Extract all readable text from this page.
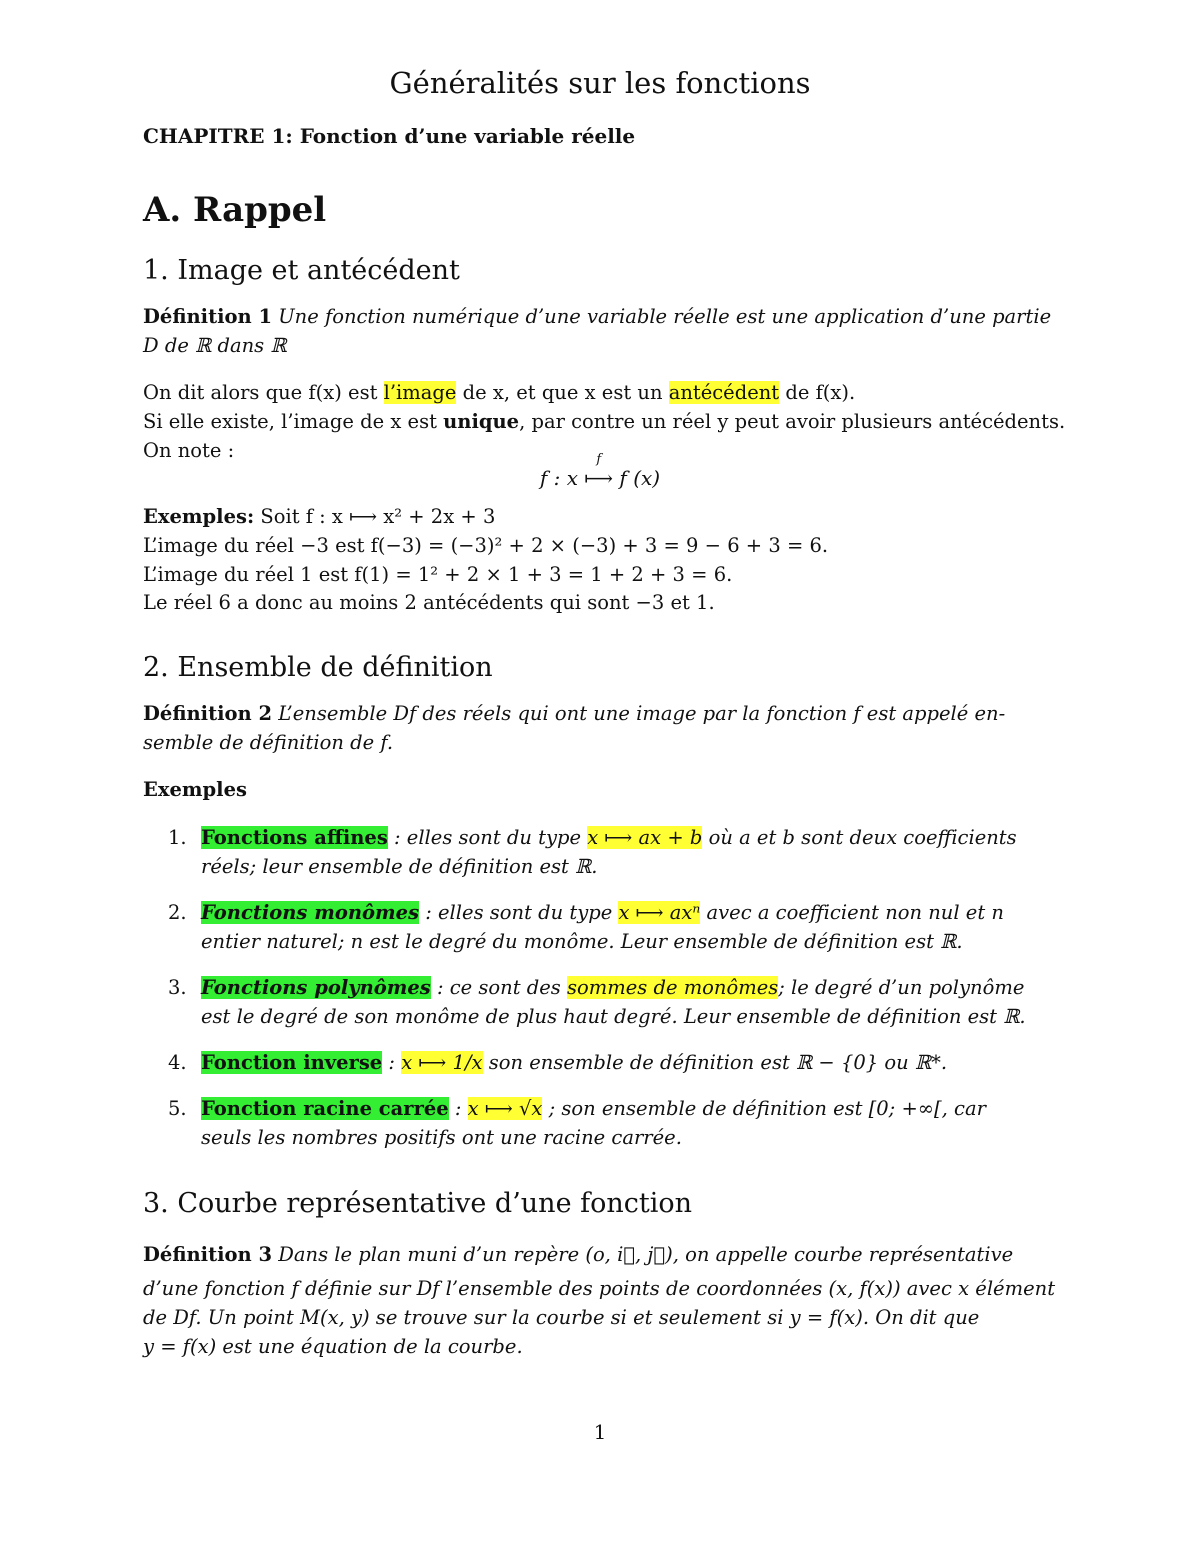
Généralités sur les fonctions
CHAPITRE 1: Fonction d’une variable réelle
A. Rappel
1. Image et antécédent
Définition 1 Une fonction numérique d’une variable réelle est une application d’une partie
D de ℝ dans ℝ
On dit alors que f(x) est l’image de x, et que x est un antécédent de f(x).
Si elle existe, l’image de x est unique, par contre un réel y peut avoir plusieurs antécédents.
On note :
f : x
f
⟼ f (x)
Exemples: Soit f : x ⟼ x² + 2x + 3
L’image du réel −3 est f(−3) = (−3)² + 2 × (−3) + 3 = 9 − 6 + 3 = 6.
L’image du réel 1 est f(1) = 1² + 2 × 1 + 3 = 1 + 2 + 3 = 6.
Le réel 6 a donc au moins 2 antécédents qui sont −3 et 1.
2. Ensemble de définition
Définition 2 L’ensemble Df des réels qui ont une image par la fonction f est appelé en-
semble de définition de f.
Exemples
1. Fonctions affines : elles sont du type x ⟼ ax + b où a et b sont deux coefficients
réels; leur ensemble de définition est ℝ.
2. Fonctions monômes : elles sont du type x ⟼ axⁿ avec a coefficient non nul et n
entier naturel; n est le degré du monôme. Leur ensemble de définition est ℝ.
3. Fonctions polynômes : ce sont des sommes de monômes; le degré d’un polynôme
est le degré de son monôme de plus haut degré. Leur ensemble de définition est ℝ.
4. Fonction inverse : x ⟼ 1/x son ensemble de définition est ℝ − {0} ou ℝ*.
5. Fonction racine carrée : x ⟼ √x ; son ensemble de définition est [0; +∞[, car
seuls les nombres positifs ont une racine carrée.
3. Courbe représentative d’une fonction
Définition 3 Dans le plan muni d’un repère (o, i⃗, j⃗), on appelle courbe représentative
d’une fonction f définie sur Df l’ensemble des points de coordonnées (x, f(x)) avec x élément
de Df. Un point M(x, y) se trouve sur la courbe si et seulement si y = f(x). On dit que
y = f(x) est une équation de la courbe.
1
